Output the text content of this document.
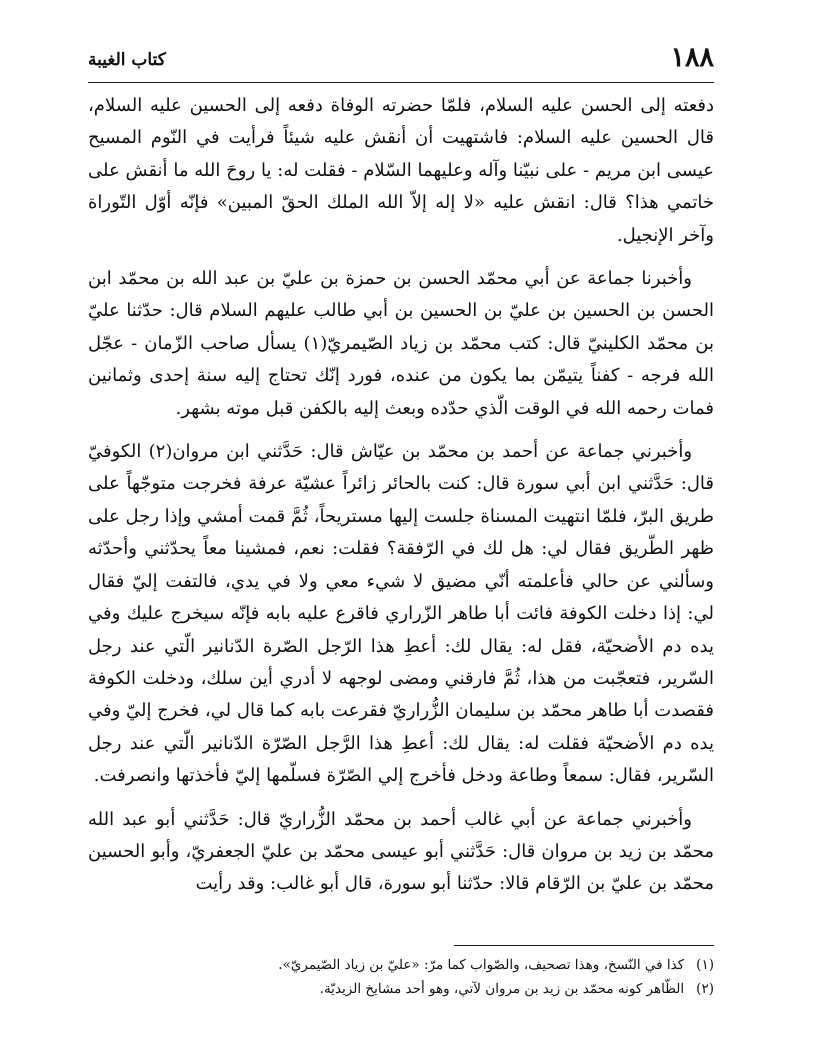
١٨٨
كتاب الغيبة

دفعته إلى الحسن عليه السلام، فلمّا حضرته الوفاة دفعه إلى الحسين عليه السلام، قال الحسين عليه السلام: فاشتهيت أن أنقش عليه شيئاً فرأيت في النّوم المسيح عيسى ابن مريم - على نبيّنا وآله وعليهما السّلام - فقلت له: يا روحَ الله ما أنقش على خاتمي هذا؟ قال: انقش عليه «لا إله إلاّ الله الملك الحقّ المبين» فإنّه أوّل التّوراة وآخر الإنجيل.

وأخبرنا جماعة عن أبي محمّد الحسن بن حمزة بن عليّ بن عبد الله بن محمّد ابن الحسن بن الحسين بن عليّ بن الحسين بن أبي طالب عليهم السلام قال: حدّثنا عليّ بن محمّد الكلينيّ قال: كتب محمّد بن زياد الصّيمريّ(١) يسأل صاحب الزّمان - عجّل الله فرجه - كفناً يتيمّن بما يكون من عنده، فورد إنّك تحتاج إليه سنة إحدى وثمانين فمات رحمه الله في الوقت الّذي حدّده وبعث إليه بالكفن قبل موته بشهر.

وأخبرني جماعة عن أحمد بن محمّد بن عيّاش قال: حَدَّثني ابن مروان(٢) الكوفيّ قال: حَدَّثني ابن أبي سورة قال: كنت بالحائر زائراً عشيّة عرفة فخرجت متوجّهاً على طريق البرّ، فلمّا انتهيت المسناة جلست إليها مستريحاً، ثُمَّ قمت أمشي وإذا رجل على ظهر الطّريق فقال لي: هل لك في الرّفقة؟ فقلت: نعم، فمشينا معاً يحدّثني وأحدّثه وسألني عن حالي فأعلمته أنّي مضيق لا شيء معي ولا في يدي، فالتفت إليّ فقال لي: إذا دخلت الكوفة فائت أبا طاهر الزّراري فاقرع عليه بابه فإنّه سيخرج عليك وفي يده دم الأضحيّة، فقل له: يقال لك: أعطِ هذا الرّجل الصّرة الدّنانير الّتي عند رجل السّرير، فتعجّبت من هذا، ثُمَّ فارقني ومضى لوجهه لا أدري أين سلك، ودخلت الكوفة فقصدت أبا طاهر محمّد بن سليمان الزُّراريّ فقرعت بابه كما قال لي، فخرج إليّ وفي يده دم الأضحيّة فقلت له: يقال لك: أعطِ هذا الرَّجل الصّرّة الدّنانير الّتي عند رجل السّرير، فقال: سمعاً وطاعة ودخل فأخرج إلي الصّرّة فسلّمها إليّ فأخذتها وانصرفت.

وأخبرني جماعة عن أبي غالب أحمد بن محمّد الزُّراريّ قال: حَدَّثني أبو عبد الله محمّد بن زيد بن مروان قال: حَدَّثني أبو عيسى محمّد بن عليّ الجعفريّ، وأبو الحسين محمّد بن عليّ بن الرّقام قالا: حدّثنا أبو سورة، قال أبو غالب: وقد رأيت

(١)كذا في النّسخ، وهذا تصحيف، والصّواب كما مرّ: «عليّ بن زياد الصّيمريّ».
(٢)الظّاهر كونه محمّد بن زيد بن مروان لآتي، وهو أحد مشايخ الزيديّة.
